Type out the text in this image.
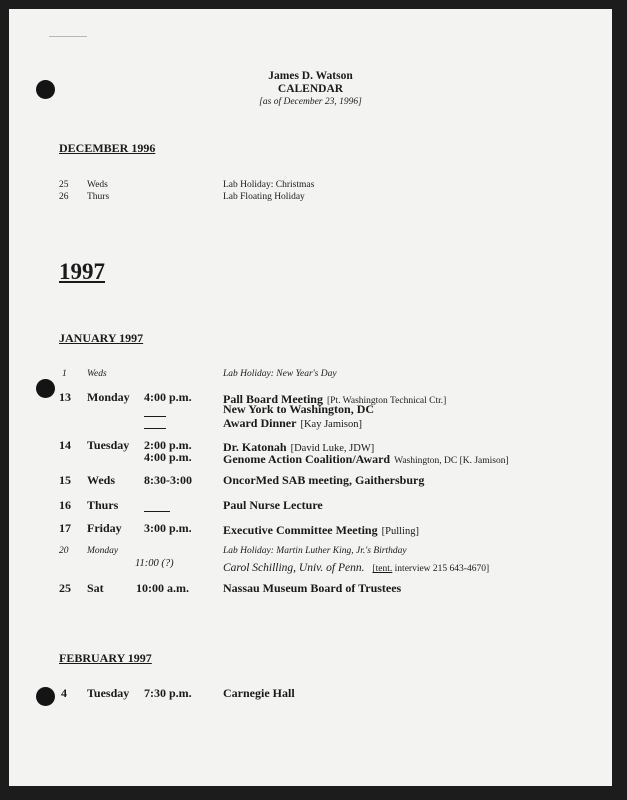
James D. Watson
CALENDAR
[as of December 23, 1996]
DECEMBER 1996
25 Weds	Lab Holiday: Christmas
26 Thurs	Lab Floating Holiday
1997
JANUARY 1997
1 Weds	Lab Holiday: New Year's Day
13 Monday 4:00 p.m.	Pall Board Meeting [Pt. Washington Technical Ctr.]
New York to Washington, DC
Award Dinner [Kay Jamison]
14 Tuesday 2:00 p.m.	Dr. Katonah [David Luke, JDW]
4:00 p.m.	Genome Action Coalition/Award Washington, DC [K. Jamison]
15 Weds 8:30-3:00	OncorMed SAB meeting, Gaithersburg
16 Thurs	Paul Nurse Lecture
17 Friday 3:00 p.m.	Executive Committee Meeting [Pulling]
20 Monday	Lab Holiday: Martin Luther King, Jr.'s Birthday
11:00 (?)	Carol Schilling, Univ. of Penn. [tent. interview 215 643-4670]
25 Sat	10:00 a.m.	Nassau Museum Board of Trustees
FEBRUARY 1997
4 Tuesday 7:30 p.m.	Carnegie Hall
